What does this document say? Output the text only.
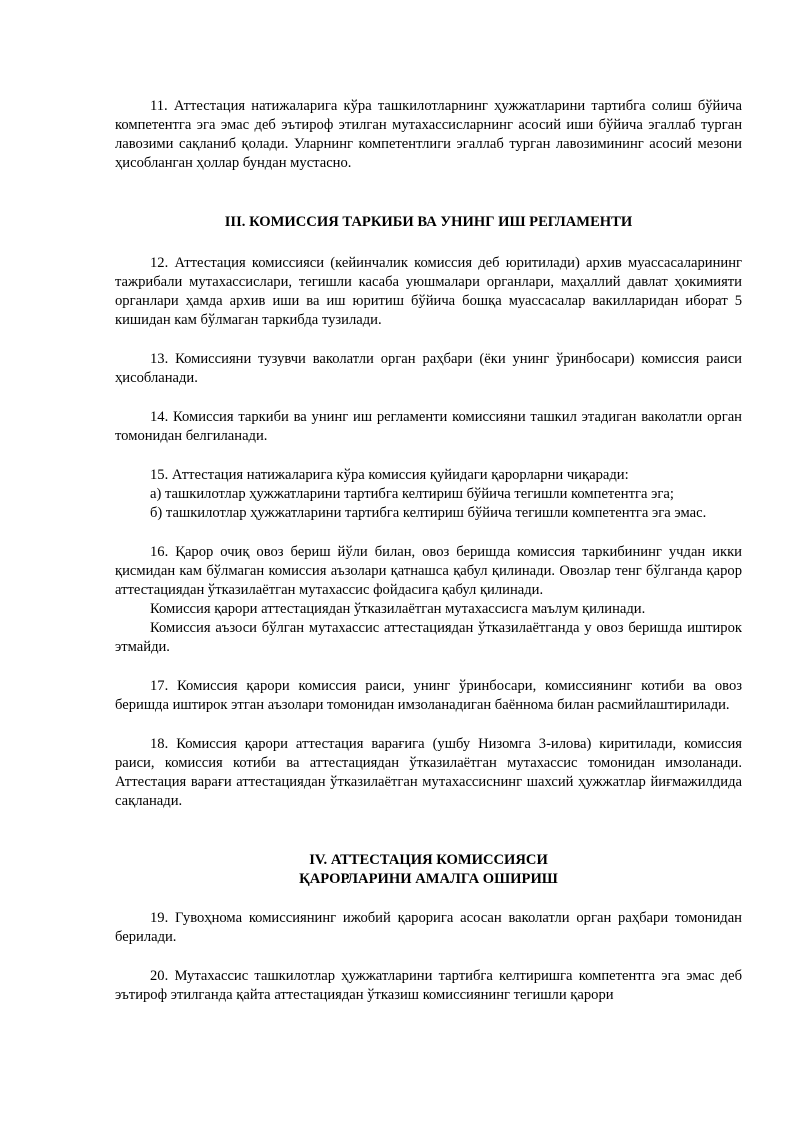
11. Аттестация натижаларига кўра ташкилотларнинг ҳужжатларини тартибга солиш бўйича компетентга эга эмас деб эътироф этилган мутахассисларнинг асосий иши бўйича эгаллаб турган лавозими сақланиб қолади. Уларнинг компетентлиги эгаллаб турган лавозимининг асосий мезони ҳисобланган ҳоллар бундан мустасно.

III. КОМИССИЯ ТАРКИБИ ВА УНИНГ ИШ РЕГЛАМЕНТИ

12. Аттестация комиссияси (кейинчалик комиссия деб юритилади) архив муассасаларининг тажрибали мутахассислари, тегишли касаба уюшмалари органлари, маҳаллий давлат ҳокимияти органлари ҳамда архив иши ва иш юритиш бўйича бошқа муассасалар вакилларидан иборат 5 кишидан кам бўлмаган таркибда тузилади.

13. Комиссияни тузувчи ваколатли орган раҳбари (ёки унинг ўринбосари) комиссия раиси ҳисобланади.

14. Комиссия таркиби ва унинг иш регламенти комиссияни ташкил этадиган ваколатли орган томонидан белгиланади.

15. Аттестация натижаларига кўра комиссия қуйидаги қарорларни чиқаради:

а) ташкилотлар ҳужжатларини тартибга келтириш бўйича тегишли компетентга эга;

б) ташкилотлар ҳужжатларини тартибга келтириш бўйича тегишли компетентга эга эмас.

16. Қарор очиқ овоз бериш йўли билан, овоз беришда комиссия таркибининг учдан икки қисмидан кам бўлмаган комиссия аъзолари қатнашса қабул қилинади. Овозлар тенг бўлганда қарор аттестациядан ўтказилаётган мутахассис фойдасига қабул қилинади.

Комиссия қарори аттестациядан ўтказилаётган мутахассисга маълум қилинади.

Комиссия аъзоси бўлган мутахассис аттестациядан ўтказилаётганда у овоз беришда иштирок этмайди.

17. Комиссия қарори комиссия раиси, унинг ўринбосари, комиссиянинг котиби ва овоз беришда иштирок этган аъзолари томонидан имзоланадиган баённома билан расмийлаштирилади.

18. Комиссия қарори аттестация варағига (ушбу Низомга 3-илова) киритилади, комиссия раиси, комиссия котиби ва аттестациядан ўтказилаётган мутахассис томонидан имзоланади. Аттестация варағи аттестациядан ўтказилаётган мутахассиснинг шахсий ҳужжатлар йиғмажилдида сақланади.

IV. АТТЕСТАЦИЯ КОМИССИЯСИ

ҚАРОРЛАРИНИ АМАЛГА ОШИРИШ

19. Гувоҳнома комиссиянинг ижобий қарорига асосан ваколатли орган раҳбари томонидан берилади.

20. Мутахассис ташкилотлар ҳужжатларини тартибга келтиришга компетентга эга эмас деб эътироф этилганда қайта аттестациядан ўтказиш комиссиянинг тегишли қарори
